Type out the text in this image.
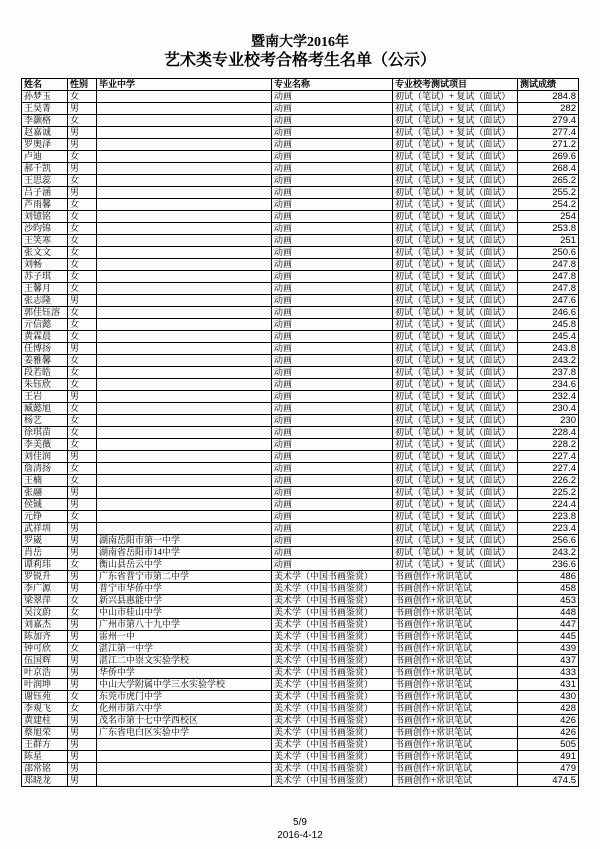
暨南大学2016年
艺术类专业校考合格考生名单（公示）
姓名	性别	毕业中学	专业名称	专业校考测试项目	测试成绩
孙梦玉	女		动画	初试（笔试）+ 复试（面试）	284.8
王昊菁	男		动画	初试（笔试）+ 复试（面试）	282
李灏格	女		动画	初试（笔试）+ 复试（面试）	279.4
赵嘉诚	男		动画	初试（笔试）+ 复试（面试）	277.4
罗奥泽	男		动画	初试（笔试）+ 复试（面试）	271.2
卢迪	女		动画	初试（笔试）+ 复试（面试）	269.6
郝千凯	男		动画	初试（笔试）+ 复试（面试）	268.4
王思蕊	女		动画	初试（笔试）+ 复试（面试）	265.2
吕子涵	男		动画	初试（笔试）+ 复试（面试）	255.2
芦雨馨	女		动画	初试（笔试）+ 复试（面试）	254.2
刘镱铭	女		动画	初试（笔试）+ 复试（面试）	254
沙昀锦	女		动画	初试（笔试）+ 复试（面试）	253.8
王笑寒	女		动画	初试（笔试）+ 复试（面试）	251
张文文	女		动画	初试（笔试）+ 复试（面试）	250.6
刘畅	女		动画	初试（笔试）+ 复试（面试）	247.8
苏子琪	女		动画	初试（笔试）+ 复试（面试）	247.8
王馨月	女		动画	初试（笔试）+ 复试（面试）	247.8
张志隆	男		动画	初试（笔试）+ 复试（面试）	247.6
郭佳钰溶	女		动画	初试（笔试）+ 复试（面试）	246.6
亓信懿	女		动画	初试（笔试）+ 复试（面试）	245.8
黄霖晨	女		动画	初试（笔试）+ 复试（面试）	245.4
任博扬	男		动画	初试（笔试）+ 复试（面试）	243.8
姜雅馨	女		动画	初试（笔试）+ 复试（面试）	243.2
段若皓	女		动画	初试（笔试）+ 复试（面试）	237.8
朱钰欣	女		动画	初试（笔试）+ 复试（面试）	234.6
王岩	男		动画	初试（笔试）+ 复试（面试）	232.4
臧懿旭	女		动画	初试（笔试）+ 复试（面试）	230.4
杨艺	女		动画	初试（笔试）+ 复试（面试）	230
徐琪苗	女		动画	初试（笔试）+ 复试（面试）	228.4
李美薇	女		动画	初试（笔试）+ 复试（面试）	228.2
刘佳润	男		动画	初试（笔试）+ 复试（面试）	227.4
詹清扬	女		动画	初试（笔试）+ 复试（面试）	227.4
王楠	女		动画	初试（笔试）+ 复试（面试）	226.2
张翮	男		动画	初试（笔试）+ 复试（面试）	225.2
侯铖	男		动画	初试（笔试）+ 复试（面试）	224.4
元铮	女		动画	初试（笔试）+ 复试（面试）	223.8
武祥圳	男		动画	初试（笔试）+ 复试（面试）	223.4
罗崴	男	湖南岳阳市第一中学	动画	初试（笔试）+ 复试（面试）	256.6
肖岳	男	湖南省岳阳市14中学	动画	初试（笔试）+ 复试（面试）	243.2
谭莉玮	女	衡山县岳云中学	动画	初试（笔试）+ 复试（面试）	236.6
罗锐升	男	广东省普宁市第二中学	美术学（中国书画鉴赏）	书画创作+常识笔试	486
李广源	男	普宁市华侨中学	美术学（中国书画鉴赏）	书画创作+常识笔试	458
梁翠萍	女	新兴县惠能中学	美术学（中国书画鉴赏）	书画创作+常识笔试	453
吴汶蔚	女	中山市桂山中学	美术学（中国书画鉴赏）	书画创作+常识笔试	448
刘嘉杰	男	广州市第八十九中学	美术学（中国书画鉴赏）	书画创作+常识笔试	447
陈加齐	男	雷州一中	美术学（中国书画鉴赏）	书画创作+常识笔试	445
钟可欣	女	湛江第一中学	美术学（中国书画鉴赏）	书画创作+常识笔试	439
伍国辉	男	湛江二中崇文实验学校	美术学（中国书画鉴赏）	书画创作+常识笔试	437
叶京浩	男	华侨中学	美术学（中国书画鉴赏）	书画创作+常识笔试	433
叶润坤	男	中山大学附属中学三水实验学校	美术学（中国书画鉴赏）	书画创作+常识笔试	431
谢钰苑	女	东莞市虎门中学	美术学（中国书画鉴赏）	书画创作+常识笔试	430
李观飞	女	化州市第六中学	美术学（中国书画鉴赏）	书画创作+常识笔试	428
黄建柱	男	茂名市第十七中学西校区	美术学（中国书画鉴赏）	书画创作+常识笔试	426
蔡旭荣	男	广东省电白区实验中学	美术学（中国书画鉴赏）	书画创作+常识笔试	426
王群方	男		美术学（中国书画鉴赏）	书画创作+常识笔试	505
陈星	男		美术学（中国书画鉴赏）	书画创作+常识笔试	491
邵常铭	男		美术学（中国书画鉴赏）	书画创作+常识笔试	479
郑晓龙	男		美术学（中国书画鉴赏）	书画创作+常识笔试	474.5
5/9
2016-4-12
